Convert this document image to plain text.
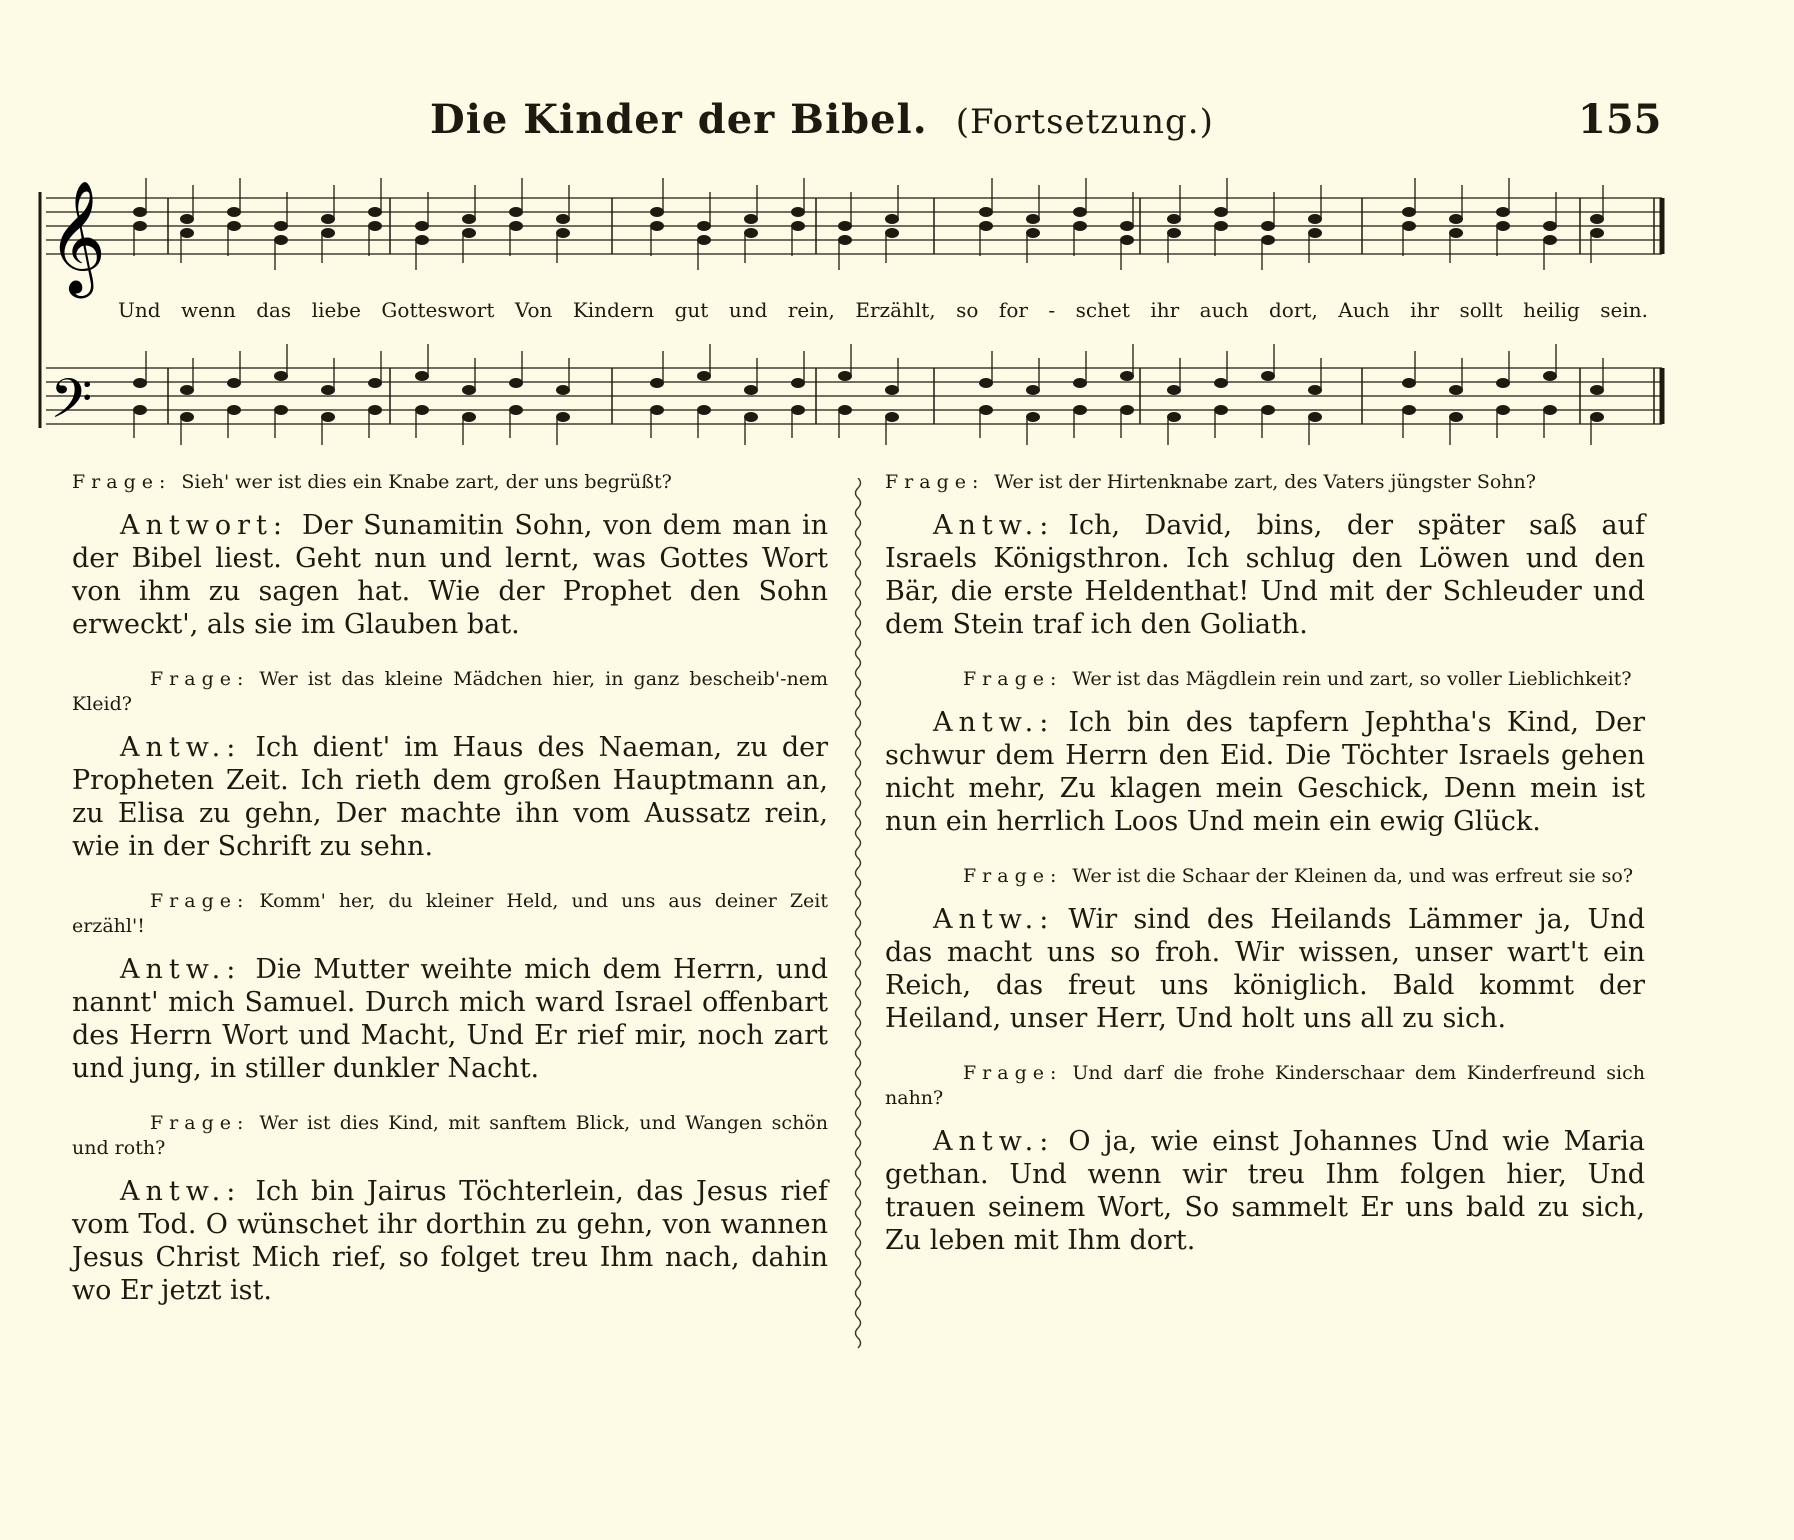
Die Kinder der Bibel. (Fortsetzung.)	155
𝄞
𝄢
Und wenn das liebe Gotteswort Von Kindern gut und rein, Erzählt, so for - schet ihr auch dort, Auch ihr sollt heilig sein.

Frage: Sieh' wer ist dies ein Knabe zart, der uns begrüßt?

Antwort: Der Sunamitin Sohn, von dem man in der Bibel liest. Geht nun und lernt, was Gottes Wort von ihm zu sagen hat. Wie der Prophet den Sohn erweckt', als sie im Glauben bat.

Frage: Wer ist das kleine Mädchen hier, in ganz bescheib'-nem Kleid?

Antw.: Ich dient' im Haus des Naeman, zu der Propheten Zeit. Ich rieth dem großen Hauptmann an, zu Elisa zu gehn, Der machte ihn vom Aussatz rein, wie in der Schrift zu sehn.

Frage: Komm' her, du kleiner Held, und uns aus deiner Zeit erzähl'!

Antw.: Die Mutter weihte mich dem Herrn, und nannt' mich Samuel. Durch mich ward Israel offenbart des Herrn Wort und Macht, Und Er rief mir, noch zart und jung, in stiller dunkler Nacht.

Frage: Wer ist dies Kind, mit sanftem Blick, und Wangen schön und roth?

Antw.: Ich bin Jairus Töchterlein, das Jesus rief vom Tod. O wünschet ihr dorthin zu gehn, von wannen Jesus Christ Mich rief, so folget treu Ihm nach, dahin wo Er jetzt ist.

Frage: Wer ist der Hirtenknabe zart, des Vaters jüngster Sohn?

Antw.: Ich, David, bins, der später saß auf Israels Königsthron. Ich schlug den Löwen und den Bär, die erste Heldenthat! Und mit der Schleuder und dem Stein traf ich den Goliath.

Frage: Wer ist das Mägdlein rein und zart, so voller Lieblichkeit?

Antw.: Ich bin des tapfern Jephtha's Kind, Der schwur dem Herrn den Eid. Die Töchter Israels gehen nicht mehr, Zu klagen mein Geschick, Denn mein ist nun ein herrlich Loos Und mein ein ewig Glück.

Frage: Wer ist die Schaar der Kleinen da, und was erfreut sie so?

Antw.: Wir sind des Heilands Lämmer ja, Und das macht uns so froh. Wir wissen, unser wart't ein Reich, das freut uns königlich. Bald kommt der Heiland, unser Herr, Und holt uns all zu sich.

Frage: Und darf die frohe Kinderschaar dem Kinderfreund sich nahn?

Antw.: O ja, wie einst Johannes Und wie Maria gethan. Und wenn wir treu Ihm folgen hier, Und trauen seinem Wort, So sammelt Er uns bald zu sich, Zu leben mit Ihm dort.
